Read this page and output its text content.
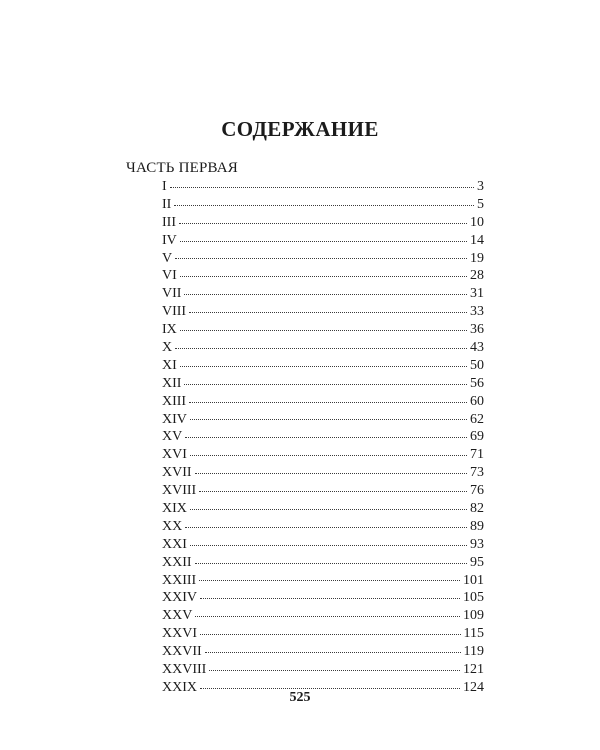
СОДЕРЖАНИЕ
ЧАСТЬ ПЕРВАЯ
I	3
II	5
III	10
IV	14
V	19
VI	28
VII	31
VIII	33
IX	36
X	43
XI	50
XII	56
XIII	60
XIV	62
XV	69
XVI	71
XVII	73
XVIII	76
XIX	82
XX	89
XXI	93
XXII	95
XXIII	101
XXIV	105
XXV	109
XXVI	115
XXVII	119
XXVIII	121
XXIX	124
525
